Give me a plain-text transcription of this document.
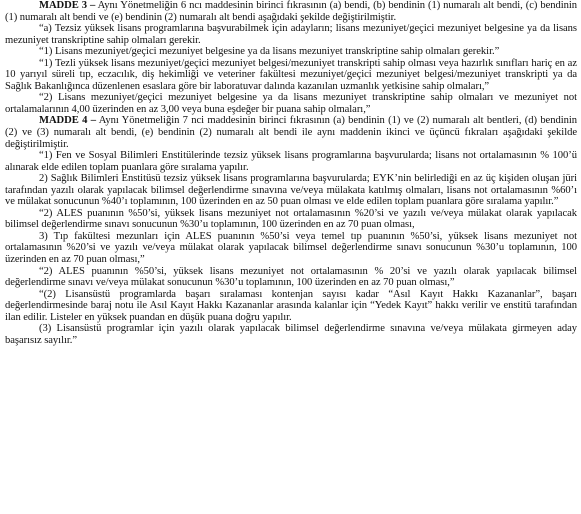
MADDE 3 – Aynı Yönetmeliğin 6 ncı maddesinin birinci fıkrasının (a) bendi, (b) bendinin (1) numaralı alt bendi, (c) bendinin (1) numaralı alt bendi ve (e) bendinin (2) numaralı alt bendi aşağıdaki şekilde değiştirilmiştir.

“a) Tezsiz yüksek lisans programlarına başvurabilmek için adayların; lisans mezuniyet/geçici mezuniyet belgesine ya da lisans mezuniyet transkriptine sahip olmaları gerekir.

“1) Lisans mezuniyet/geçici mezuniyet belgesine ya da lisans mezuniyet transkriptine sahip olmaları gerekir.”

“1) Tezli yüksek lisans mezuniyet/geçici mezuniyet belgesi/mezuniyet transkripti sahip olması veya hazırlık sınıfları hariç en az 10 yarıyıl süreli tıp, eczacılık, diş hekimliği ve veteriner fakültesi mezuniyet/geçici mezuniyet belgesi/mezuniyet transkripti ya da Sağlık Bakanlığınca düzenlenen esaslara göre bir laboratuvar dalında kazanılan uzmanlık yetkisine sahip olmaları,”

“2) Lisans mezuniyet/geçici mezuniyet belgesine ya da lisans mezuniyet transkriptine sahip olmaları ve mezuniyet not ortalamalarının 4,00 üzerinden en az 3,00 veya buna eşdeğer bir puana sahip olmaları,”

MADDE 4 – Aynı Yönetmeliğin 7 nci maddesinin birinci fıkrasının (a) bendinin (1) ve (2) numaralı alt bentleri, (d) bendinin (2) ve (3) numaralı alt bendi, (e) bendinin (2) numaralı alt bendi ile aynı maddenin ikinci ve üçüncü fıkraları aşağıdaki şekilde değiştirilmiştir.

“1) Fen ve Sosyal Bilimleri Enstitülerinde tezsiz yüksek lisans programlarına başvurularda; lisans not ortalamasının % 100’ü alınarak elde edilen toplam puanlara göre sıralama yapılır.

2) Sağlık Bilimleri Enstitüsü tezsiz yüksek lisans programlarına başvurularda; EYK’nin belirlediği en az üç kişiden oluşan jüri tarafından yazılı olarak yapılacak bilimsel değerlendirme sınavına ve/veya mülakata katılmış olmaları, lisans not ortalamasının %60’ı ve mülakat sonucunun %40’ı toplamının, 100 üzerinden en az 50 puan olması ve elde edilen toplam puanlara göre sıralama yapılır.”

“2) ALES puanının %50’si, yüksek lisans mezuniyet not ortalamasının %20’si ve yazılı ve/veya mülakat olarak yapılacak bilimsel değerlendirme sınavı sonucunun %30’u toplamının, 100 üzerinden en az 70 puan olması,

3) Tıp fakültesi mezunları için ALES puanının %50’si veya temel tıp puanının %50’si, yüksek lisans mezuniyet not ortalamasının %20’si ve yazılı ve/veya mülakat olarak yapılacak bilimsel değerlendirme sınavı sonucunun %30’u toplamının, 100 üzerinden en az 70 puan olması,”

“2) ALES puanının %50’si, yüksek lisans mezuniyet not ortalamasının % 20’si ve yazılı olarak yapılacak bilimsel değerlendirme sınavı ve/veya mülakat sonucunun %30’u toplamının, 100 üzerinden en az 70 puan olması,”

“(2) Lisansüstü programlarda başarı sıralaması kontenjan sayısı kadar “Asıl Kayıt Hakkı Kazananlar”, başarı değerlendirmesinde baraj notu ile Asıl Kayıt Hakkı Kazananlar arasında kalanlar için “Yedek Kayıt” hakkı verilir ve enstitü tarafından ilan edilir. Listeler en yüksek puandan en düşük puana doğru yapılır.

(3) Lisansüstü programlar için yazılı olarak yapılacak bilimsel değerlendirme sınavına ve/veya mülakata girmeyen aday başarısız sayılır.”
